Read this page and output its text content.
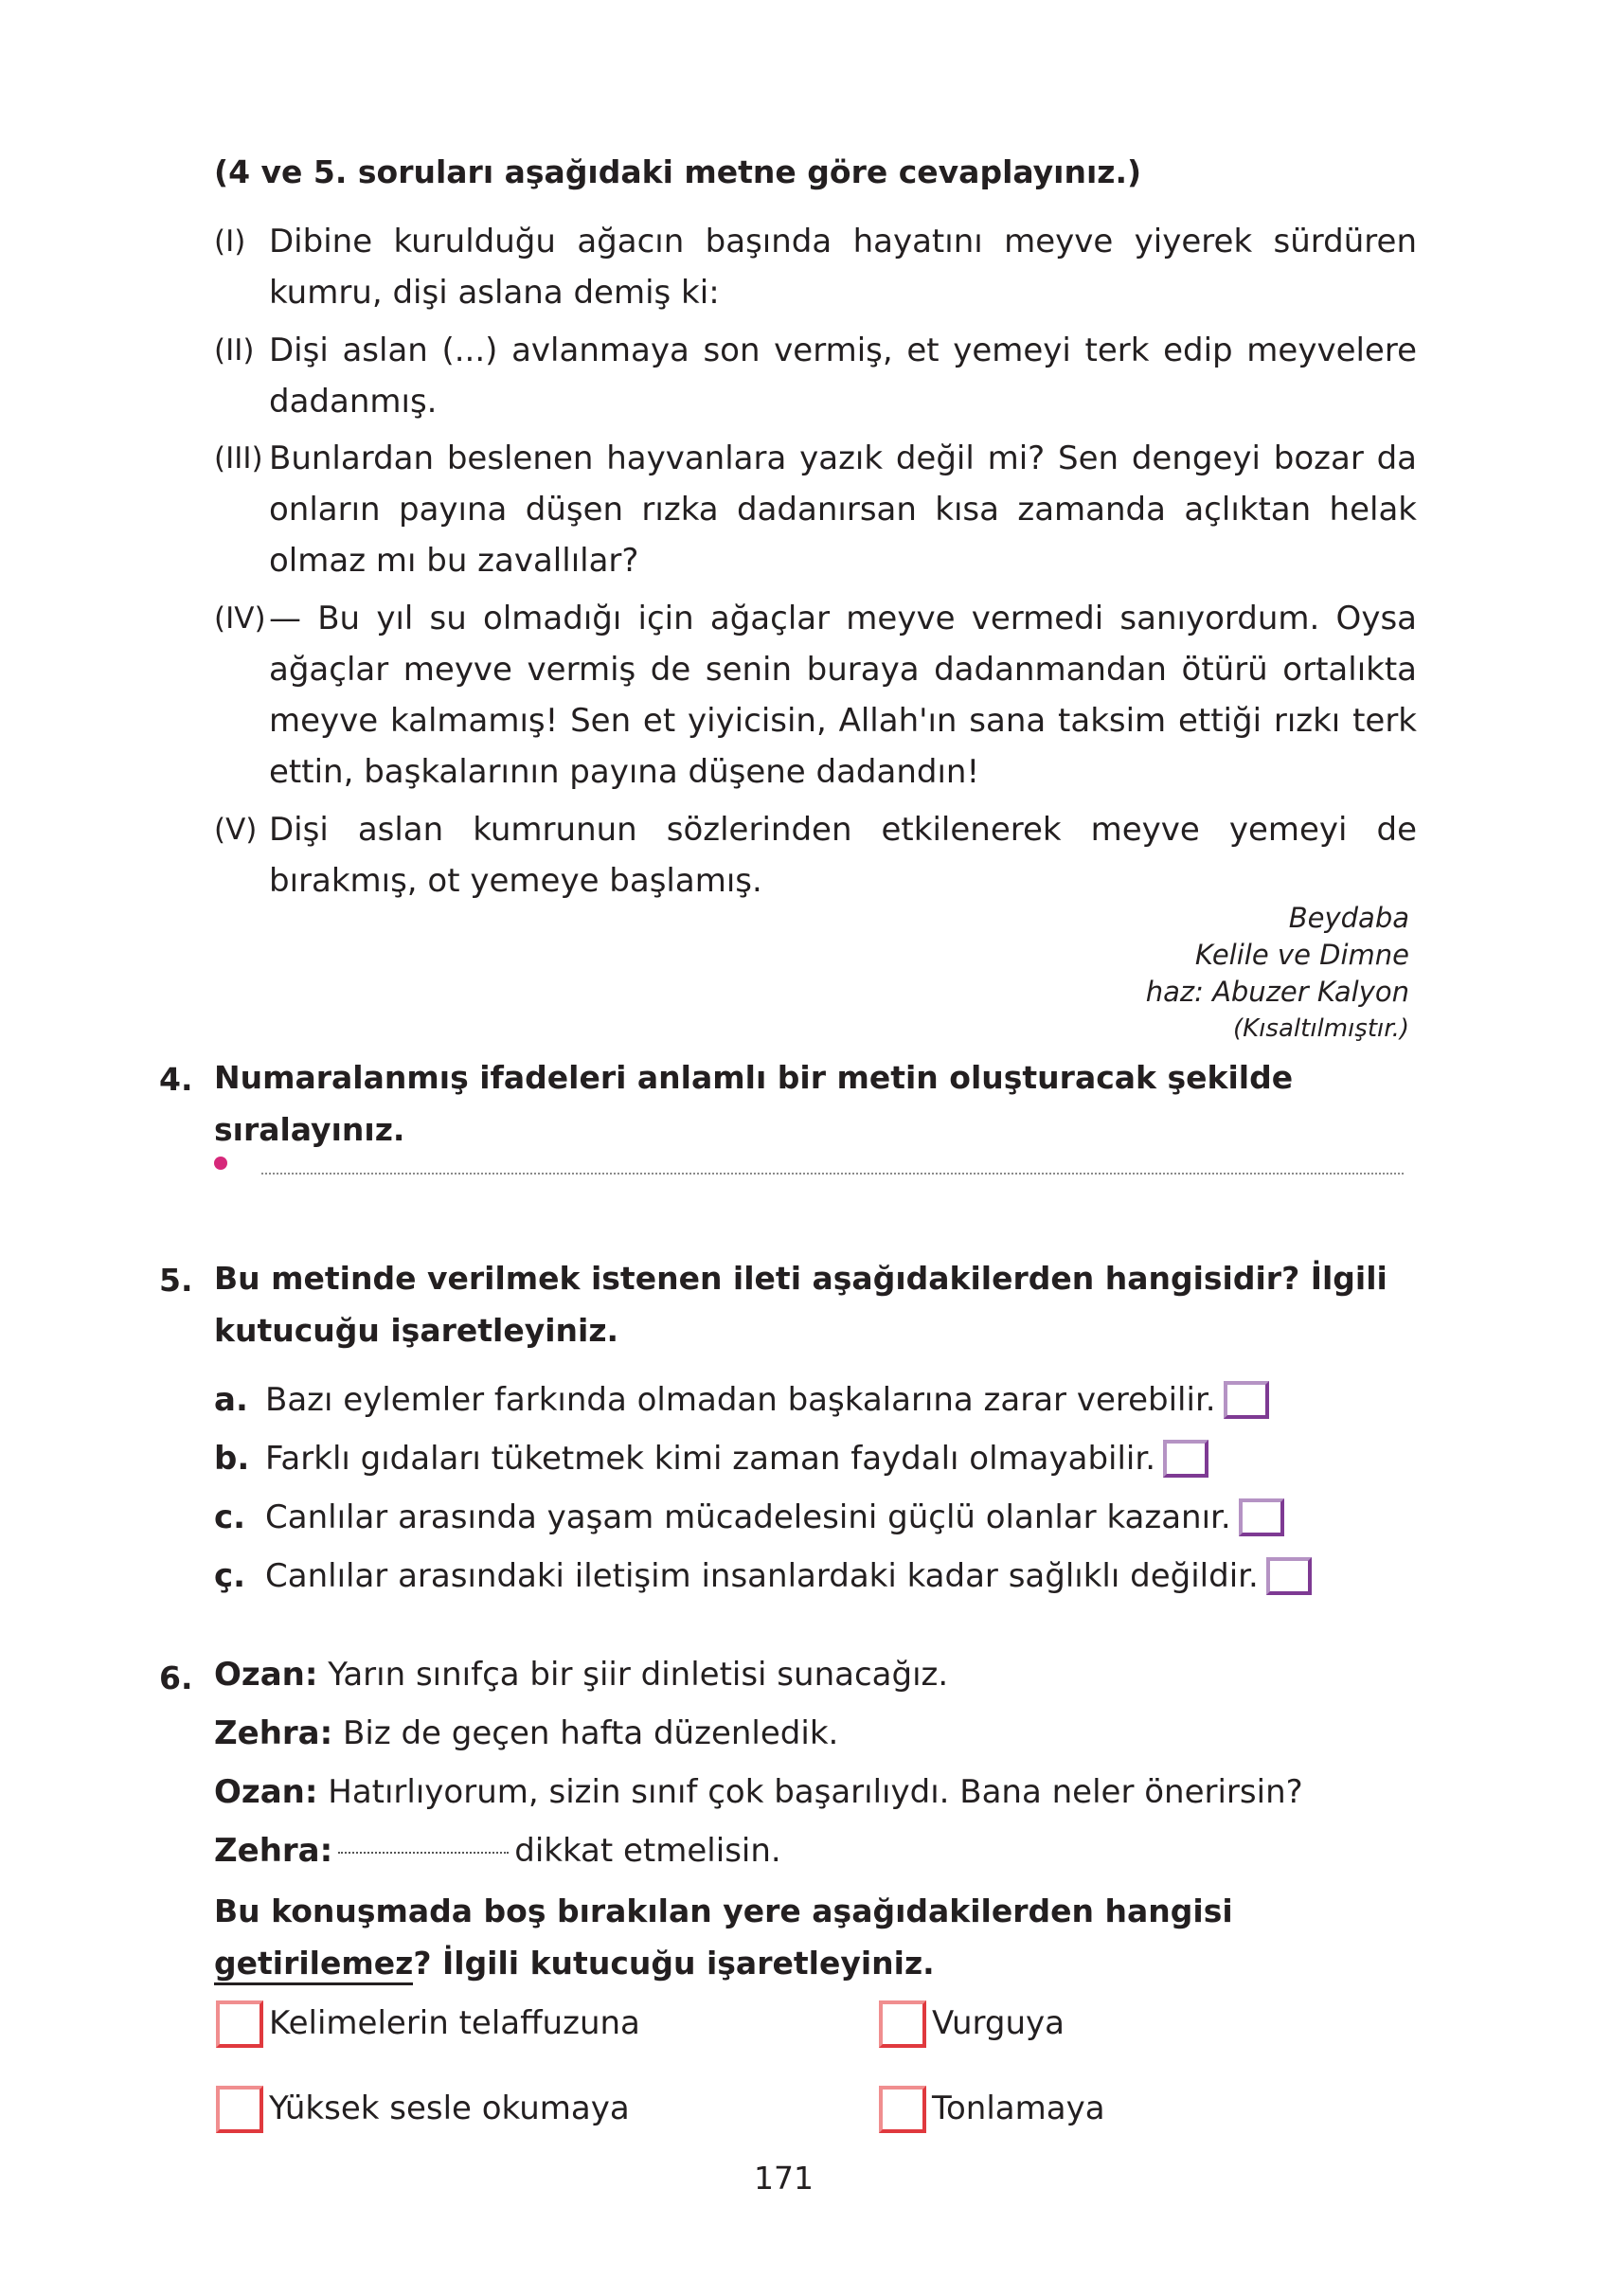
(4 ve 5. soruları aşağıdaki metne göre cevaplayınız.)
(I) Dibine kurulduğu ağacın başında hayatını meyve yiyerek sürdüren kumru, dişi aslana demiş ki:
(II) Dişi aslan (...) avlanmaya son vermiş, et yemeyi terk edip meyvelere dadanmış.
(III) Bunlardan beslenen hayvanlara yazık değil mi? Sen dengeyi bozar da onların payına düşen rızka dadanırsan kısa zamanda açlıktan helak olmaz mı bu zavallılar?
(IV) — Bu yıl su olmadığı için ağaçlar meyve vermedi sanıyordum. Oysa ağaçlar meyve vermiş de senin buraya dadanmandan ötürü ortalıkta meyve kalmamış! Sen et yiyicisin, Allah'ın sana taksim ettiği rızkı terk ettin, başkalarının payına düşene dadandın!
(V) Dişi aslan kumrunun sözlerinden etkilenerek meyve yemeyi de bırakmış, ot yemeye başlamış.
Beydaba
Kelile ve Dimne
haz: Abuzer Kalyon
(Kısaltılmıştır.)
4. Numaralanmış ifadeleri anlamlı bir metin oluşturacak şekilde sıralayınız.
5. Bu metinde verilmek istenen ileti aşağıdakilerden hangisidir? İlgili kutucuğu işaretleyiniz.
a. Bazı eylemler farkında olmadan başkalarına zarar verebilir.
b. Farklı gıdaları tüketmek kimi zaman faydalı olmayabilir.
c. Canlılar arasında yaşam mücadelesini güçlü olanlar kazanır.
ç. Canlılar arasındaki iletişim insanlardaki kadar sağlıklı değildir.
6. Ozan: Yarın sınıfça bir şiir dinletisi sunacağız.
Zehra: Biz de geçen hafta düzenledik.
Ozan: Hatırlıyorum, sizin sınıf çok başarılıydı. Bana neler önerirsin?
Zehra:	dikkat etmelisin.
Bu konuşmada boş bırakılan yere aşağıdakilerden hangisi getirilemez? İlgili kutucuğu işaretleyiniz.
Kelimelerin telaffuzuna	Vurguya
Yüksek sesle okumaya	Tonlamaya
171
